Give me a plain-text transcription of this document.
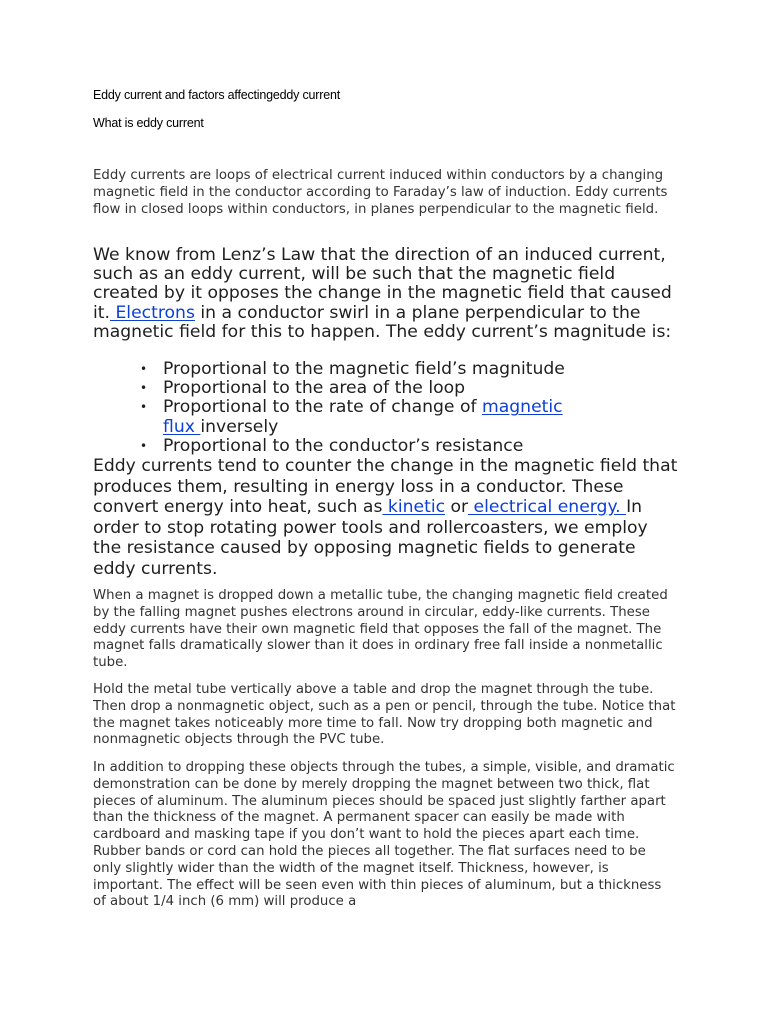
Eddy current and factors affectingeddy current
What is eddy current

Eddy currents are loops of electrical current induced within conductors by a changing magnetic field in the conductor according to Faraday’s law of induction. Eddy currents flow in closed loops within conductors, in planes perpendicular to the magnetic field.

We know from Lenz’s Law that the direction of an induced current, such as an eddy current, will be such that the magnetic field created by it opposes the change in the magnetic field that caused it. Electrons in a conductor swirl in a plane perpendicular to the magnetic field for this to happen. The eddy current’s magnitude is:

• Proportional to the magnetic field’s magnitude
• Proportional to the area of the loop
• Proportional to the rate of change of magnetic flux inversely
• Proportional to the conductor’s resistance

Eddy currents tend to counter the change in the magnetic field that produces them, resulting in energy loss in a conductor. These convert energy into heat, such as kinetic or electrical energy. In order to stop rotating power tools and rollercoasters, we employ the resistance caused by opposing magnetic fields to generate eddy currents.

When a magnet is dropped down a metallic tube, the changing magnetic field created by the falling magnet pushes electrons around in circular, eddy-like currents. These eddy currents have their own magnetic field that opposes the fall of the magnet. The magnet falls dramatically slower than it does in ordinary free fall inside a nonmetallic tube.

Hold the metal tube vertically above a table and drop the magnet through the tube. Then drop a nonmagnetic object, such as a pen or pencil, through the tube. Notice that the magnet takes noticeably more time to fall. Now try dropping both magnetic and nonmagnetic objects through the PVC tube.

In addition to dropping these objects through the tubes, a simple, visible, and dramatic demonstration can be done by merely dropping the magnet between two thick, flat pieces of aluminum. The aluminum pieces should be spaced just slightly farther apart than the thickness of the magnet. A permanent spacer can easily be made with cardboard and masking tape if you don’t want to hold the pieces apart each time. Rubber bands or cord can hold the pieces all together. The flat surfaces need to be only slightly wider than the width of the magnet itself. Thickness, however, is important. The effect will be seen even with thin pieces of aluminum, but a thickness of about 1/4 inch (6 mm) will produce a
